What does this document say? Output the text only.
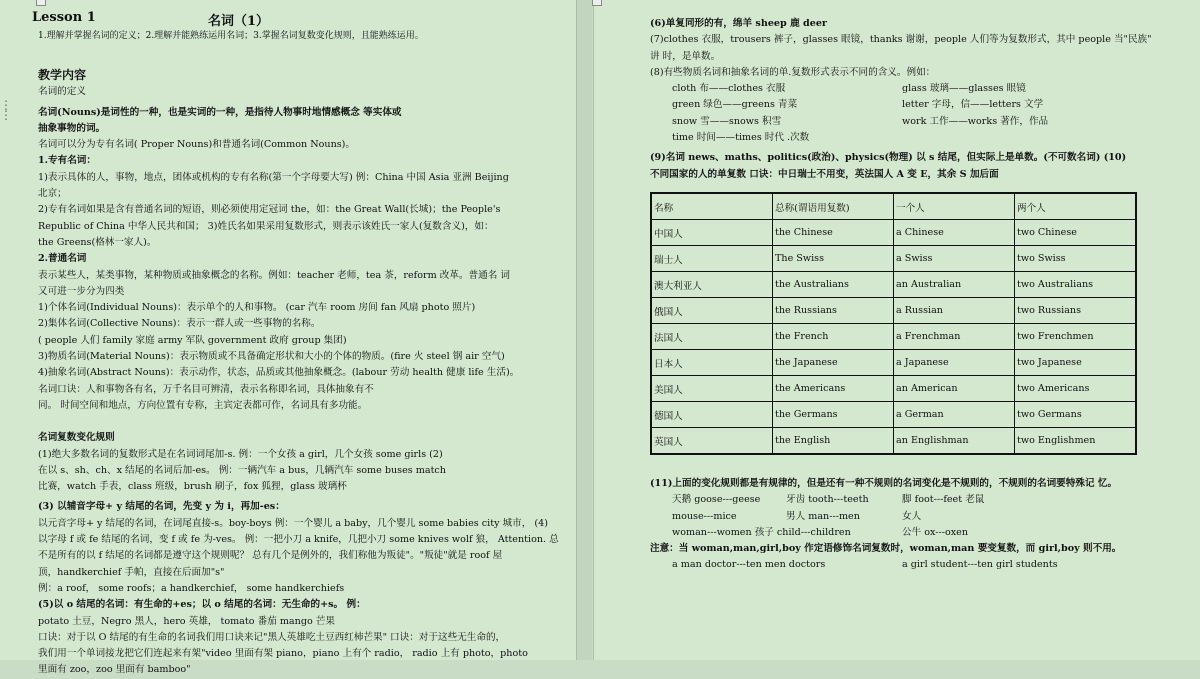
⋮
⋮
Lesson 1	名词（1）
1.理解并掌握名词的定义；2.理解并能熟练运用名词；3.掌握名词复数变化规则，且能熟练运用。
教学内容
名词的定义
名词(Nouns)是词性的一种，也是实词的一种，是指待人物事时地情感概念 等实体或
抽象事物的词。
名词可以分为专有名词( Proper Nouns)和普通名词(Common Nouns)。
1.专有名词：
1)表示具体的人，事物，地点，团体或机构的专有名称(第一个字母要大写) 例：China 中国 Asia 亚洲 Beijing
北京；
2)专有名词如果是含有普通名词的短语，则必须使用定冠词 the，如：the Great Wall(长城)；the People's
Republic of China 中华人民共和国； 3)姓氏名如果采用复数形式，则表示该姓氏一家人(复数含义)，如：
the Greens(格林一家人)。
2.普通名词
表示某些人，某类事物，某种物质或抽象概念的名称。例如：teacher 老师，tea 茶，reform 改革。普通名 词
又可进一步分为四类
1)个体名词(Individual Nouns)：表示单个的人和事物。 (car 汽车 room 房间 fan 风扇 photo 照片)
2)集体名词(Collective Nouns)：表示一群人或一些事物的名称。
( people 人们 family 家庭 army 军队 government 政府 group 集团)
3)物质名词(Material Nouns)：表示物质或不具备确定形状和大小的个体的物质。(fire 火 steel 钢 air 空气)
4)抽象名词(Abstract Nouns)：表示动作，状态，品质或其他抽象概念。(labour 劳动 health 健康 life 生活)。
名词口诀：人和事物各有名，万千名目可辨清，表示名称即名词，具体抽象有不
同。 时间空间和地点，方向位置有专称，主宾定表都可作，名词具有多功能。
名词复数变化规则
(1)绝大多数名词的复数形式是在名词词尾加-s. 例：一个女孩 a girl，几个女孩 some girls (2)
在以 s、sh、ch、x 结尾的名词后加-es。 例：一辆汽车 a bus，几辆汽车 some buses match
比赛，watch 手表，class 班级，brush 刷子，fox 狐狸，glass 玻璃杯
(3) 以辅音字母+ y 结尾的名词，先变 y 为 i，再加-es：
以元音字母+ y 结尾的名词，在词尾直接-s。boy-boys 例：一个婴儿 a baby，几个婴儿 some babies city 城市， (4)
以字母 f 或 fe 结尾的名词，变 f 或 fe 为-ves。 例：一把小刀 a knife，几把小刀 some knives wolf 狼， Attention. 总
不是所有的以 f 结尾的名词都是遵守这个规则呢？ 总有几个是例外的，我们称他为叛徒"。"叛徒"就是 roof 屋
顶，handkerchief 手帕，直接在后面加"s"
例：a roof， some roofs；a handkerchief， some handkerchiefs
(5)以 o 结尾的名词：有生命的+es；以 o 结尾的名词：无生命的+s。 例：
potato 土豆，Negro 黑人，hero 英雄， tomato 番茄 mango 芒果
口诀：对于以 O 结尾的有生命的名词我们用口诀来记"黑人英雄吃土豆西红杮芒果" 口诀：对于这些无生命的，
我们用一个单词接龙把它们连起来有架"video 里面有架 piano，piano 上有个 radio， radio 上有 photo，photo
里面有 zoo，zoo 里面有 bamboo"
(6)单复同形的有，绵羊 sheep 鹿 deer
(7)clothes 衣服，trousers 裤子，glasses 眼镜，thanks 谢谢，people 人们等为复数形式，其中 people 当"民族"
讲 时，是单数。
(8)有些物质名词和抽象名词的单.复数形式表示不同的含义。例如：
cloth 布——clothes 衣服	glass 玻璃——glasses 眼镜
green 绿色——greens 青菜	letter 字母，信——letters 文学
snow 雪——snows 积雪	work 工作——works 著作，作品
time 时间——times 时代 .次数
(9)名词 news、maths、politics(政治)、physics(物理) 以 s 结尾，但实际上是单数。(不可数名词) (10)
不同国家的人的单复数 口诀：中日瑞士不用变，英法国人 A 变 E，其余 S 加后面
名称	总称(谓语用复数)	一个人	两个人
中国人	the Chinese	a Chinese	two Chinese
瑞士人	The Swiss	a Swiss	two Swiss
澳大利亚人	the Australians	an Australian	two Australians
俄国人	the Russians	a Russian	two Russians
法国人	the French	a Frenchman	two Frenchmen
日本人	the Japanese	a Japanese	two Japanese
美国人	the Americans	an American	two Americans
德国人	the Germans	a German	two Germans
英国人	the English	an Englishman	two Englishmen
(11)上面的变化规则都是有规律的，但是还有一种不规则的名词变化是不规则的，不规则的名词要特殊记 忆。
天鹅 goose---geese	牙齿 tooth---teeth	脚 foot---feet 老鼠
mouse---mice	男人 man---men	女人
woman---women 孩子 child---children	公牛 ox---oxen
注意：当 woman,man,girl,boy 作定语修饰名词复数时，woman,man 要变复数，而 girl,boy 则不用。
a man doctor---ten men doctors	a girl student---ten girl students
